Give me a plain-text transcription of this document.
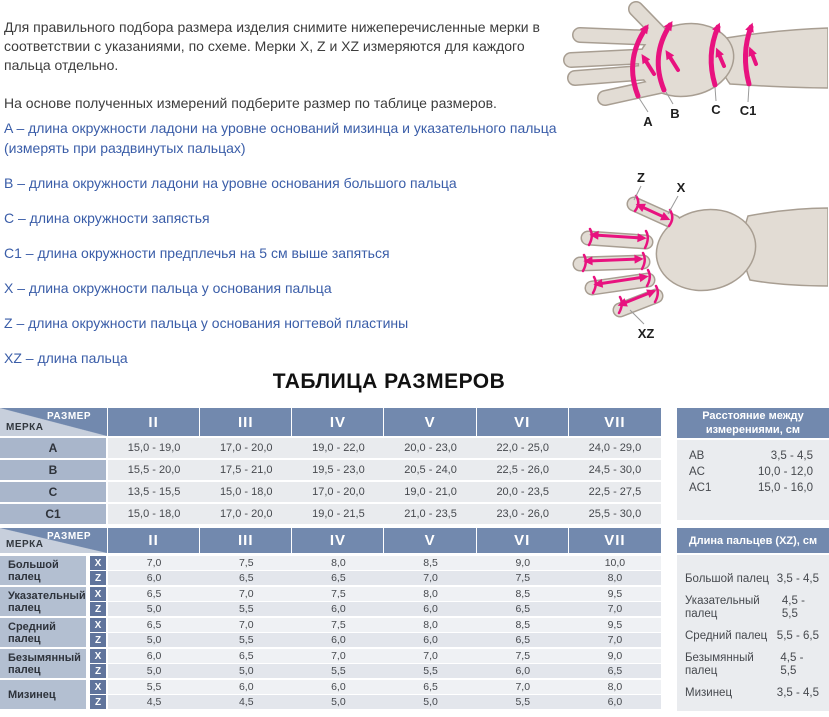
Для правильного подбора размера изделия снимите нижеперечисленные мерки в соответствии с указаниями, по схеме. Мерки X, Z и XZ измеряются для каждого пальца отдельно.

На основе полученных измерений подберите размер по таблице размеров.

A – длина окружности ладони на уровне оснований мизинца и указательного пальца (измерять при раздвинутых пальцах)
B – длина окружности ладони на уровне основания большого пальца
C – длина окружности запястья
C1 – длина окружности предплечья на 5 см выше запяться
X – длина окружности пальца у основания пальца
Z – длина окружности пальца у основания ногтевой пластины
XZ – длина пальца
A
B C C1
Z
X
XZ
ТАБЛИЦА РАЗМЕРОВ
РАЗМЕР
МЕРКА	II	III	IV	V	VI	VII
A	15,0 - 19,0	17,0 - 20,0	19,0 - 22,0	20,0 - 23,0	22,0 - 25,0	24,0 - 29,0
B	15,5 - 20,0	17,5 - 21,0	19,5 - 23,0	20,5 - 24,0	22,5 - 26,0	24,5 - 30,0
C	13,5 - 15,5	15,0 - 18,0	17,0 - 20,0	19,0 - 21,0	20,0 - 23,5	22,5 - 27,5
C1	15,0 - 18,0	17,0 - 20,0	19,0 - 21,5	21,0 - 23,5	23,0 - 26,0	25,5 - 30,0
Расстояние между измерениями, см
AB	3,5 - 4,5
AC	10,0 - 12,0
AC1	15,0 - 16,0
РАЗМЕР
МЕРКА	II	III	IV	V	VI	VII
Большой палец
X	7,0	7,5	8,0	8,5	9,0	10,0
Z	6,0	6,5	6,5	7,0	7,5	8,0
Указательный палец
X	6,5	7,0	7,5	8,0	8,5	9,5
Z	5,0	5,5	6,0	6,0	6,5	7,0
Средний палец
X	6,5	7,0	7,5	8,0	8,5	9,5
Z	5,0	5,5	6,0	6,0	6,5	7,0
Безымянный палец
X	6,0	6,5	7,0	7,0	7,5	9,0
Z	5,0	5,0	5,5	5,5	6,0	6,5
Мизинец
X	5,5	6,0	6,0	6,5	7,0	8,0
Z	4,5	4,5	5,0	5,0	5,5	6,0
Длина пальцев (XZ), см
Большой палец 3,5 - 4,5
Указательный палец
4,5 - 5,5
Средний палец 5,5 - 6,5
Безымянный палец
4,5 - 5,5
Мизинец	3,5 - 4,5
